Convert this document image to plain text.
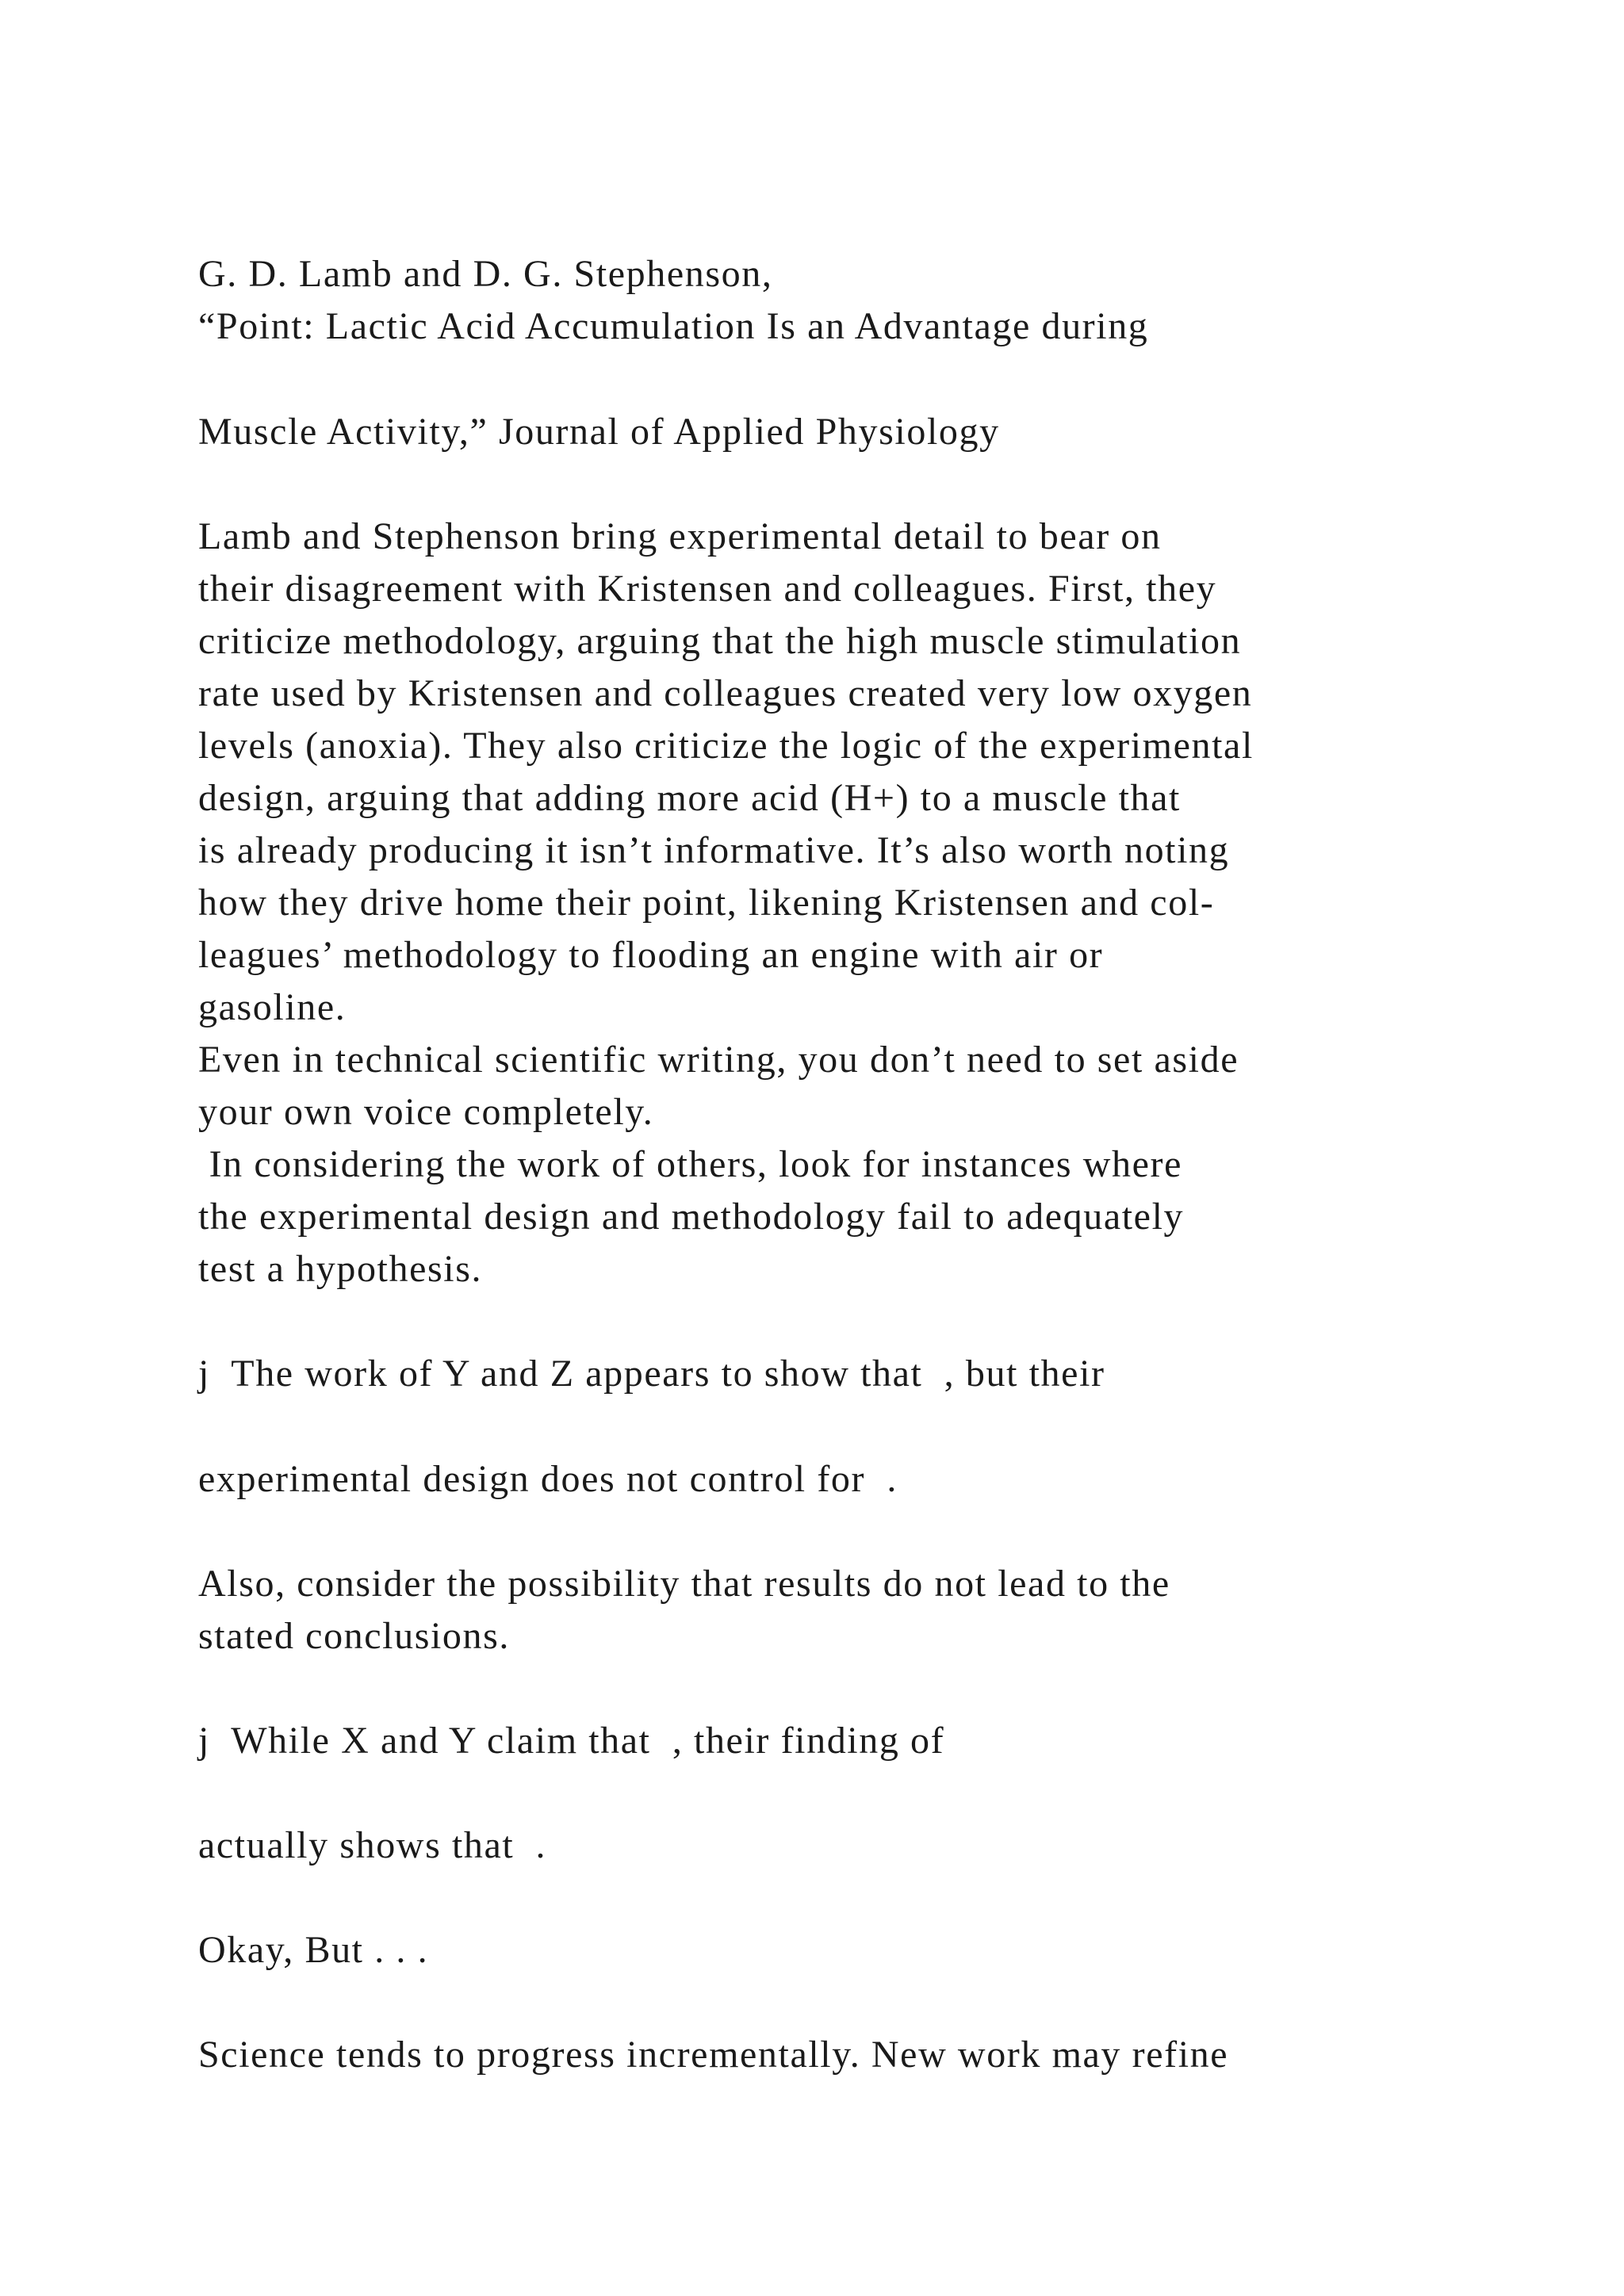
G. D. Lamb and D. G. Stephenson,
“Point: Lactic Acid Accumulation Is an Advantage during
Muscle Activity,” Journal of Applied Physiology
Lamb and Stephenson bring experimental detail to bear on
their disagreement with Kristensen and colleagues. First, they
criticize methodology, arguing that the high muscle stimulation
rate used by Kristensen and colleagues created very low oxygen
levels (anoxia). They also criticize the logic of the experimental
design, arguing that adding more acid (H+) to a muscle that
is already producing it isn’t informative. It’s also worth noting
how they drive home their point, likening Kristensen and col-
leagues’ methodology to flooding an engine with air or
gasoline.
Even in technical scientific writing, you don’t need to set aside
your own voice completely.
In considering the work of others, look for instances where
the experimental design and methodology fail to adequately
test a hypothesis.
j  The work of Y and Z appears to show that  , but their
experimental design does not control for  .
Also, consider the possibility that results do not lead to the
stated conclusions.
j  While X and Y claim that  , their finding of
actually shows that  .
Okay, But . . .
Science tends to progress incrementally. New work may refine
